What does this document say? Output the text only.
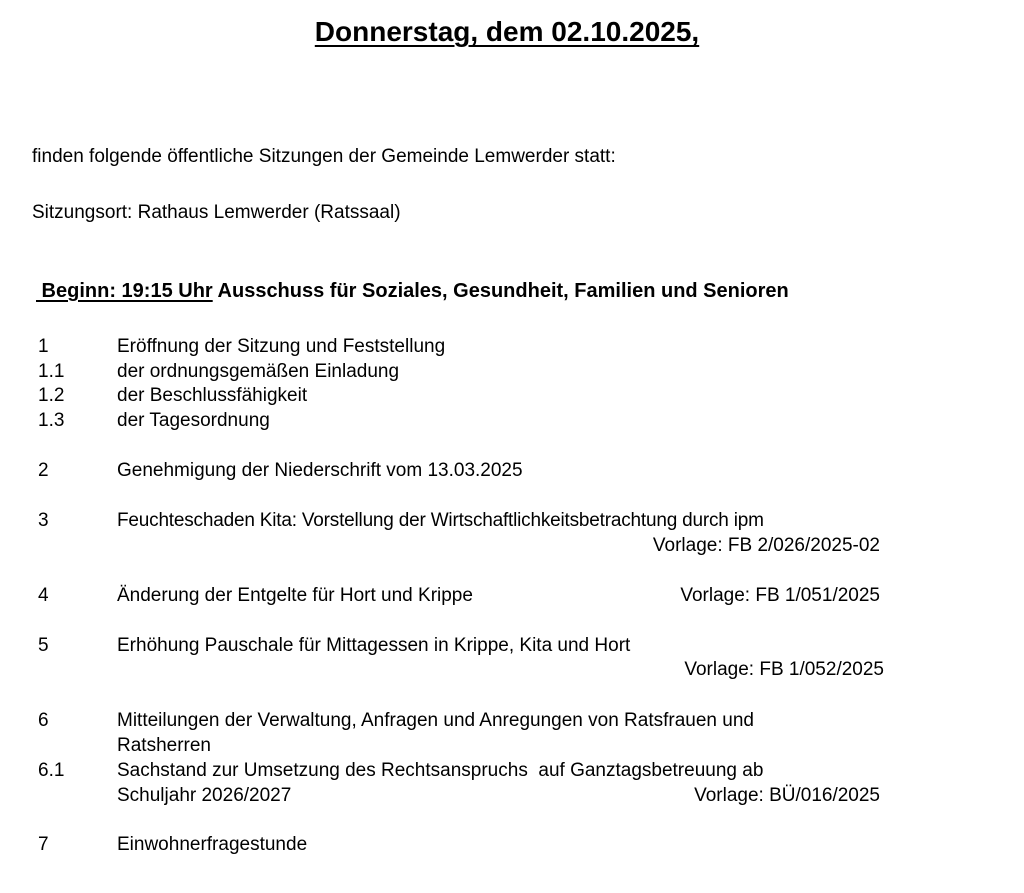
Donnerstag, dem 02.10.2025,
finden folgende öffentliche Sitzungen der Gemeinde Lemwerder statt:
Sitzungsort: Rathaus Lemwerder (Ratssaal)
Beginn: 19:15 Uhr Ausschuss für Soziales, Gesundheit, Familien und Senioren
1	Eröffnung der Sitzung und Feststellung
1.1	der ordnungsgemäßen Einladung
1.2	der Beschlussfähigkeit
1.3	der Tagesordnung
2	Genehmigung der Niederschrift vom 13.03.2025
3	Feuchteschaden Kita: Vorstellung der Wirtschaftlichkeitsbetrachtung durch ipm
Vorlage: FB 2/026/2025-02
4	Änderung der Entgelte für Hort und Krippe	Vorlage: FB 1/051/2025
5	Erhöhung Pauschale für Mittagessen in Krippe, Kita und Hort
Vorlage: FB 1/052/2025
6	Mitteilungen der Verwaltung, Anfragen und Anregungen von Ratsfrauen und
Ratsherren
6.1	Sachstand zur Umsetzung des Rechtsanspruchs  auf Ganztagsbetreuung ab
Schuljahr 2026/2027	Vorlage: BÜ/016/2025
7	Einwohnerfragestunde
